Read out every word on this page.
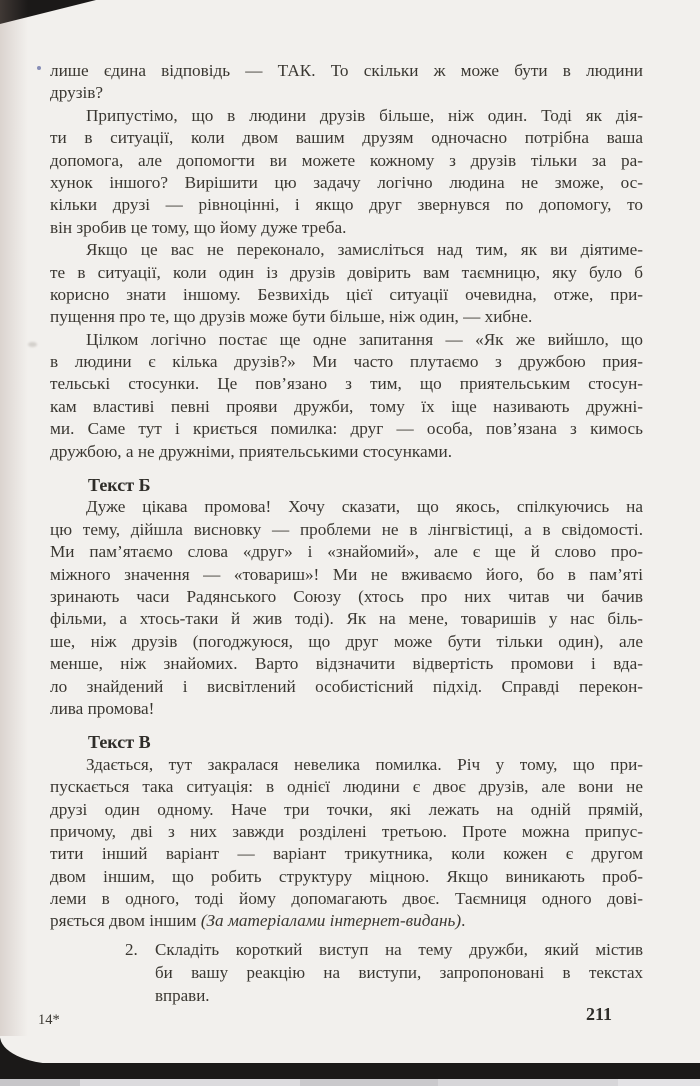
лише єдина відповідь — ТАК. То скільки ж може бути в людини
друзів?
Припустімо, що в людини друзів більше, ніж один. Тоді як дія-
ти в ситуації, коли двом вашим друзям одночасно потрібна ваша
допомога, але допомогти ви можете кожному з друзів тільки за ра-
хунок іншого? Вирішити цю задачу логічно людина не зможе, ос-
кільки друзі — рівноцінні, і якщо друг звернувся по допомогу, то
він зробив це тому, що йому дуже треба.
Якщо це вас не переконало, замисліться над тим, як ви діятиме-
те в ситуації, коли один із друзів довірить вам таємницю, яку було б
корисно знати іншому. Безвихідь цієї ситуації очевидна, отже, при-
пущення про те, що друзів може бути більше, ніж один, — хибне.
Цілком логічно постає ще одне запитання — «Як же вийшло, що
в людини є кілька друзів?» Ми часто плутаємо з дружбою прия-
тельські стосунки. Це пов’язано з тим, що приятельським стосун-
кам властиві певні прояви дружби, тому їх іще називають дружні-
ми. Саме тут і криється помилка: друг — особа, пов’язана з кимось
дружбою, а не дружніми, приятельськими стосунками.
Текст Б
Дуже цікава промова! Хочу сказати, що якось, спілкуючись на
цю тему, дійшла висновку — проблеми не в лінгвістиці, а в свідомості.
Ми пам’ятаємо слова «друг» і «знайомий», але є ще й слово про-
міжного значення — «товариш»! Ми не вживаємо його, бо в пам’яті
зринають часи Радянського Союзу (хтось про них читав чи бачив
фільми, а хтось-таки й жив тоді). Як на мене, товаришів у нас біль-
ше, ніж друзів (погоджуюся, що друг може бути тільки один), але
менше, ніж знайомих. Варто відзначити відвертість промови і вда-
ло знайдений і висвітлений особистісний підхід. Справді перекон-
лива промова!
Текст В
Здається, тут закралася невелика помилка. Річ у тому, що при-
пускається така ситуація: в однієї людини є двоє друзів, але вони не
друзі один одному. Наче три точки, які лежать на одній прямій,
причому, дві з них завжди розділені третьою. Проте можна припус-
тити інший варіант — варіант трикутника, коли кожен є другом
двом іншим, що робить структуру міцною. Якщо виникають проб-
леми в одного, тоді йому допомагають двоє. Таємниця одного дові-
ряється двом іншим (За матеріалами інтернет-видань).
2. Складіть короткий виступ на тему дружби, який містив
би вашу реакцію на виступи, запропоновані в текстах
вправи.
14*	211
